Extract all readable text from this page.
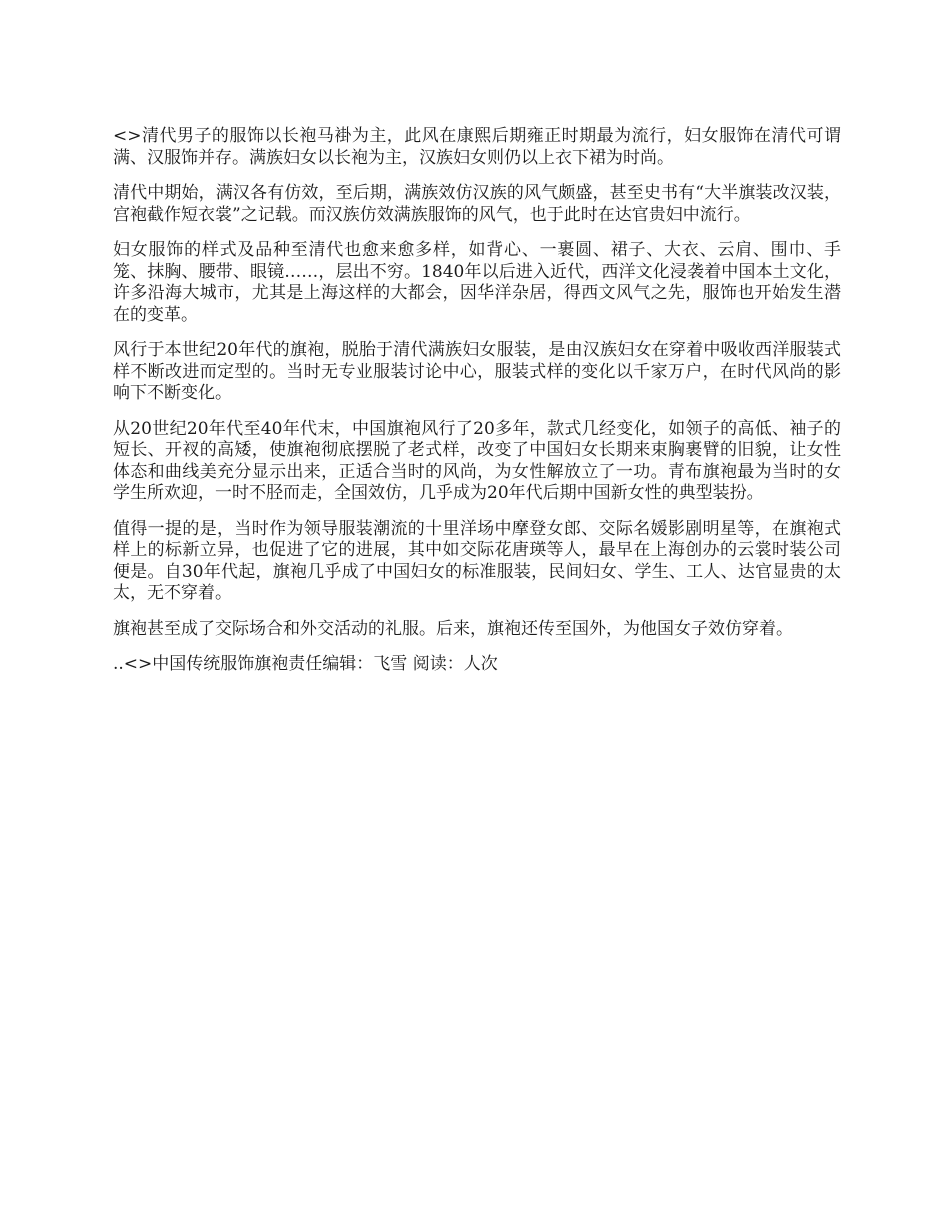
<>清代男子的服饰以长袍马褂为主，此风在康熙后期雍正时期最为流行，妇女服饰在清代可谓满、汉服饰并存。满族妇女以长袍为主，汉族妇女则仍以上衣下裙为时尚。

清代中期始，满汉各有仿效，至后期，满族效仿汉族的风气颇盛，甚至史书有“大半旗装改汉装，宫袍截作短衣裳”之记载。而汉族仿效满族服饰的风气，也于此时在达官贵妇中流行。

妇女服饰的样式及品种至清代也愈来愈多样，如背心、一裹圆、裙子、大衣、云肩、围巾、手笼、抹胸、腰带、眼镜……，层出不穷。1840年以后进入近代，西洋文化浸袭着中国本土文化，许多沿海大城市，尤其是上海这样的大都会，因华洋杂居，得西文风气之先，服饰也开始发生潜在的变革。

风行于本世纪20年代的旗袍，脱胎于清代满族妇女服装，是由汉族妇女在穿着中吸收西洋服装式样不断改进而定型的。当时无专业服装讨论中心，服装式样的变化以千家万户，在时代风尚的影响下不断变化。

从20世纪20年代至40年代末，中国旗袍风行了20多年，款式几经变化，如领子的高低、袖子的短长、开衩的高矮，使旗袍彻底摆脱了老式样，改变了中国妇女长期来束胸裹臂的旧貌，让女性体态和曲线美充分显示出来，正适合当时的风尚，为女性解放立了一功。青布旗袍最为当时的女学生所欢迎，一时不胫而走，全国效仿，几乎成为20年代后期中国新女性的典型装扮。

值得一提的是，当时作为领导服装潮流的十里洋场中摩登女郎、交际名媛影剧明星等，在旗袍式样上的标新立异，也促进了它的进展，其中如交际花唐瑛等人，最早在上海创办的云裳时装公司便是。自30年代起，旗袍几乎成了中国妇女的标准服装，民间妇女、学生、工人、达官显贵的太太，无不穿着。

旗袍甚至成了交际场合和外交活动的礼服。后来，旗袍还传至国外，为他国女子效仿穿着。

..<>中国传统服饰旗袍责任编辑：飞雪 阅读：人次
